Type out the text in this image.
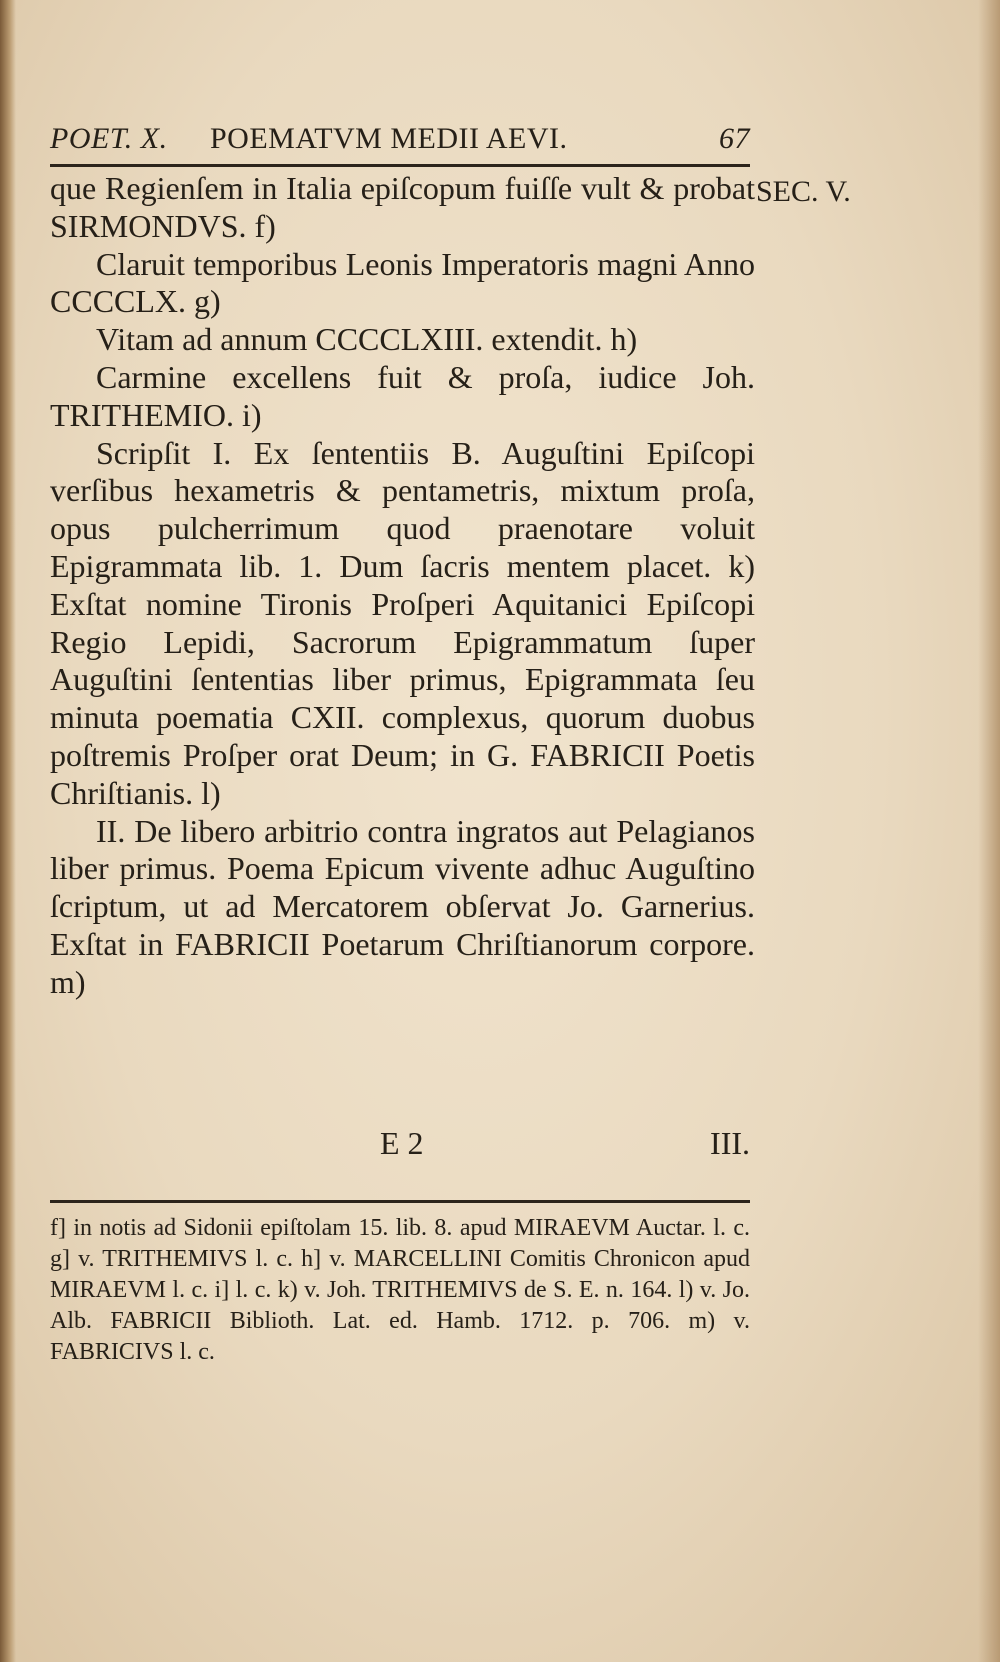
POET. X. POEMATVM MEDII AEVI.	67
SEC. V.

que Regienſem in Italia epiſcopum fuiſſe vult & probat SIRMONDVS. f)

Claruit temporibus Leonis Imperatoris magni Anno CCCCLX. g)

Vitam ad annum CCCCLXIII. extendit. h)

Carmine excellens fuit & proſa, iudice Joh. TRITHEMIO. i)

Scripſit I. Ex ſententiis B. Auguſtini Epiſcopi verſibus hexametris & pentametris, mixtum proſa, opus pulcherrimum quod praenotare voluit Epigrammata lib. 1. Dum ſacris mentem placet. k) Exſtat nomine Tironis Proſperi Aquitanici Epiſcopi Regio Lepidi, Sacrorum Epigrammatum ſuper Auguſtini ſententias liber primus, Epigrammata ſeu minuta poematia CXII. complexus, quorum duobus poſtremis Proſper orat Deum; in G. FABRICII Poetis Chriſtianis. l)

II. De libero arbitrio contra ingratos aut Pelagianos liber primus. Poema Epicum vivente adhuc Auguſtino ſcriptum, ut ad Mercatorem obſervat Jo. Garnerius. Exſtat in FABRICII Poetarum Chriſtianorum corpore. m)

E 2	III.

f] in notis ad Sidonii epiſtolam 15. lib. 8. apud MIRAEVM Auctar. l. c. g] v. TRITHEMIVS l. c. h] v. MARCELLINI Comitis Chronicon apud MIRAEVM l. c. i] l. c. k) v. Joh. TRITHEMIVS de S. E. n. 164. l) v. Jo. Alb. FABRICII Biblioth. Lat. ed. Hamb. 1712. p. 706. m) v. FABRICIVS l. c.
